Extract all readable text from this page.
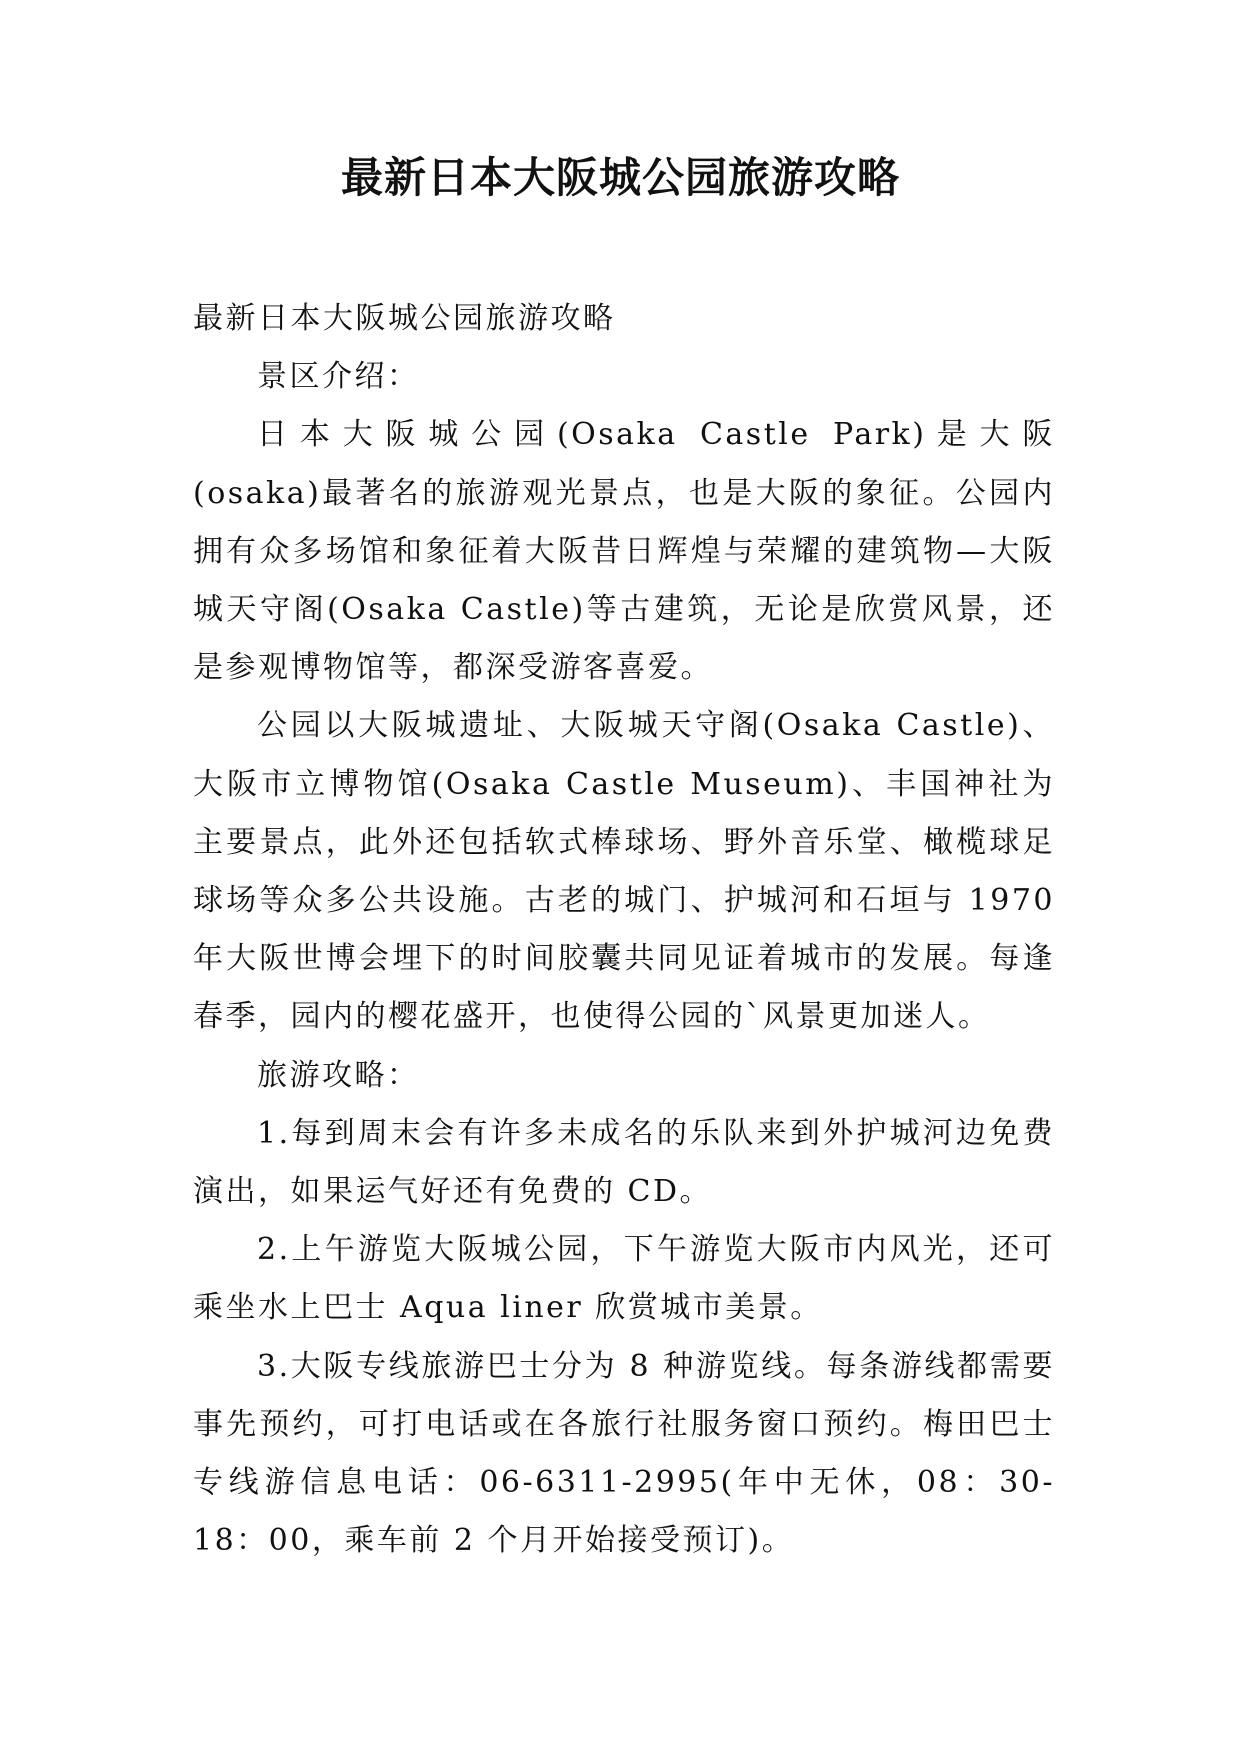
最新日本大阪城公园旅游攻略

最新日本大阪城公园旅游攻略

景区介绍：

日本大阪城公园(Osaka Castle Park)是大阪(osaka)最著名的旅游观光景点，也是大阪的象征。公园内拥有众多场馆和象征着大阪昔日辉煌与荣耀的建筑物—大阪城天守阁(Osaka Castle)等古建筑，无论是欣赏风景，还是参观博物馆等，都深受游客喜爱。

公园以大阪城遗址、大阪城天守阁(Osaka Castle)、大阪市立博物馆(Osaka Castle Museum)、丰国神社为主要景点，此外还包括软式棒球场、野外音乐堂、橄榄球足球场等众多公共设施。古老的城门、护城河和石垣与 1970 年大阪世博会埋下的时间胶囊共同见证着城市的发展。每逢春季，园内的樱花盛开，也使得公园的`风景更加迷人。

旅游攻略：

1.每到周末会有许多未成名的乐队来到外护城河边免费演出，如果运气好还有免费的 CD。

2.上午游览大阪城公园，下午游览大阪市内风光，还可乘坐水上巴士 Aqua liner 欣赏城市美景。

3.大阪专线旅游巴士分为 8 种游览线。每条游线都需要事先预约，可打电话或在各旅行社服务窗口预约。梅田巴士专线游信息电话：06-6311-2995(年中无休，08：30-18：00，乘车前 2 个月开始接受预订)。
